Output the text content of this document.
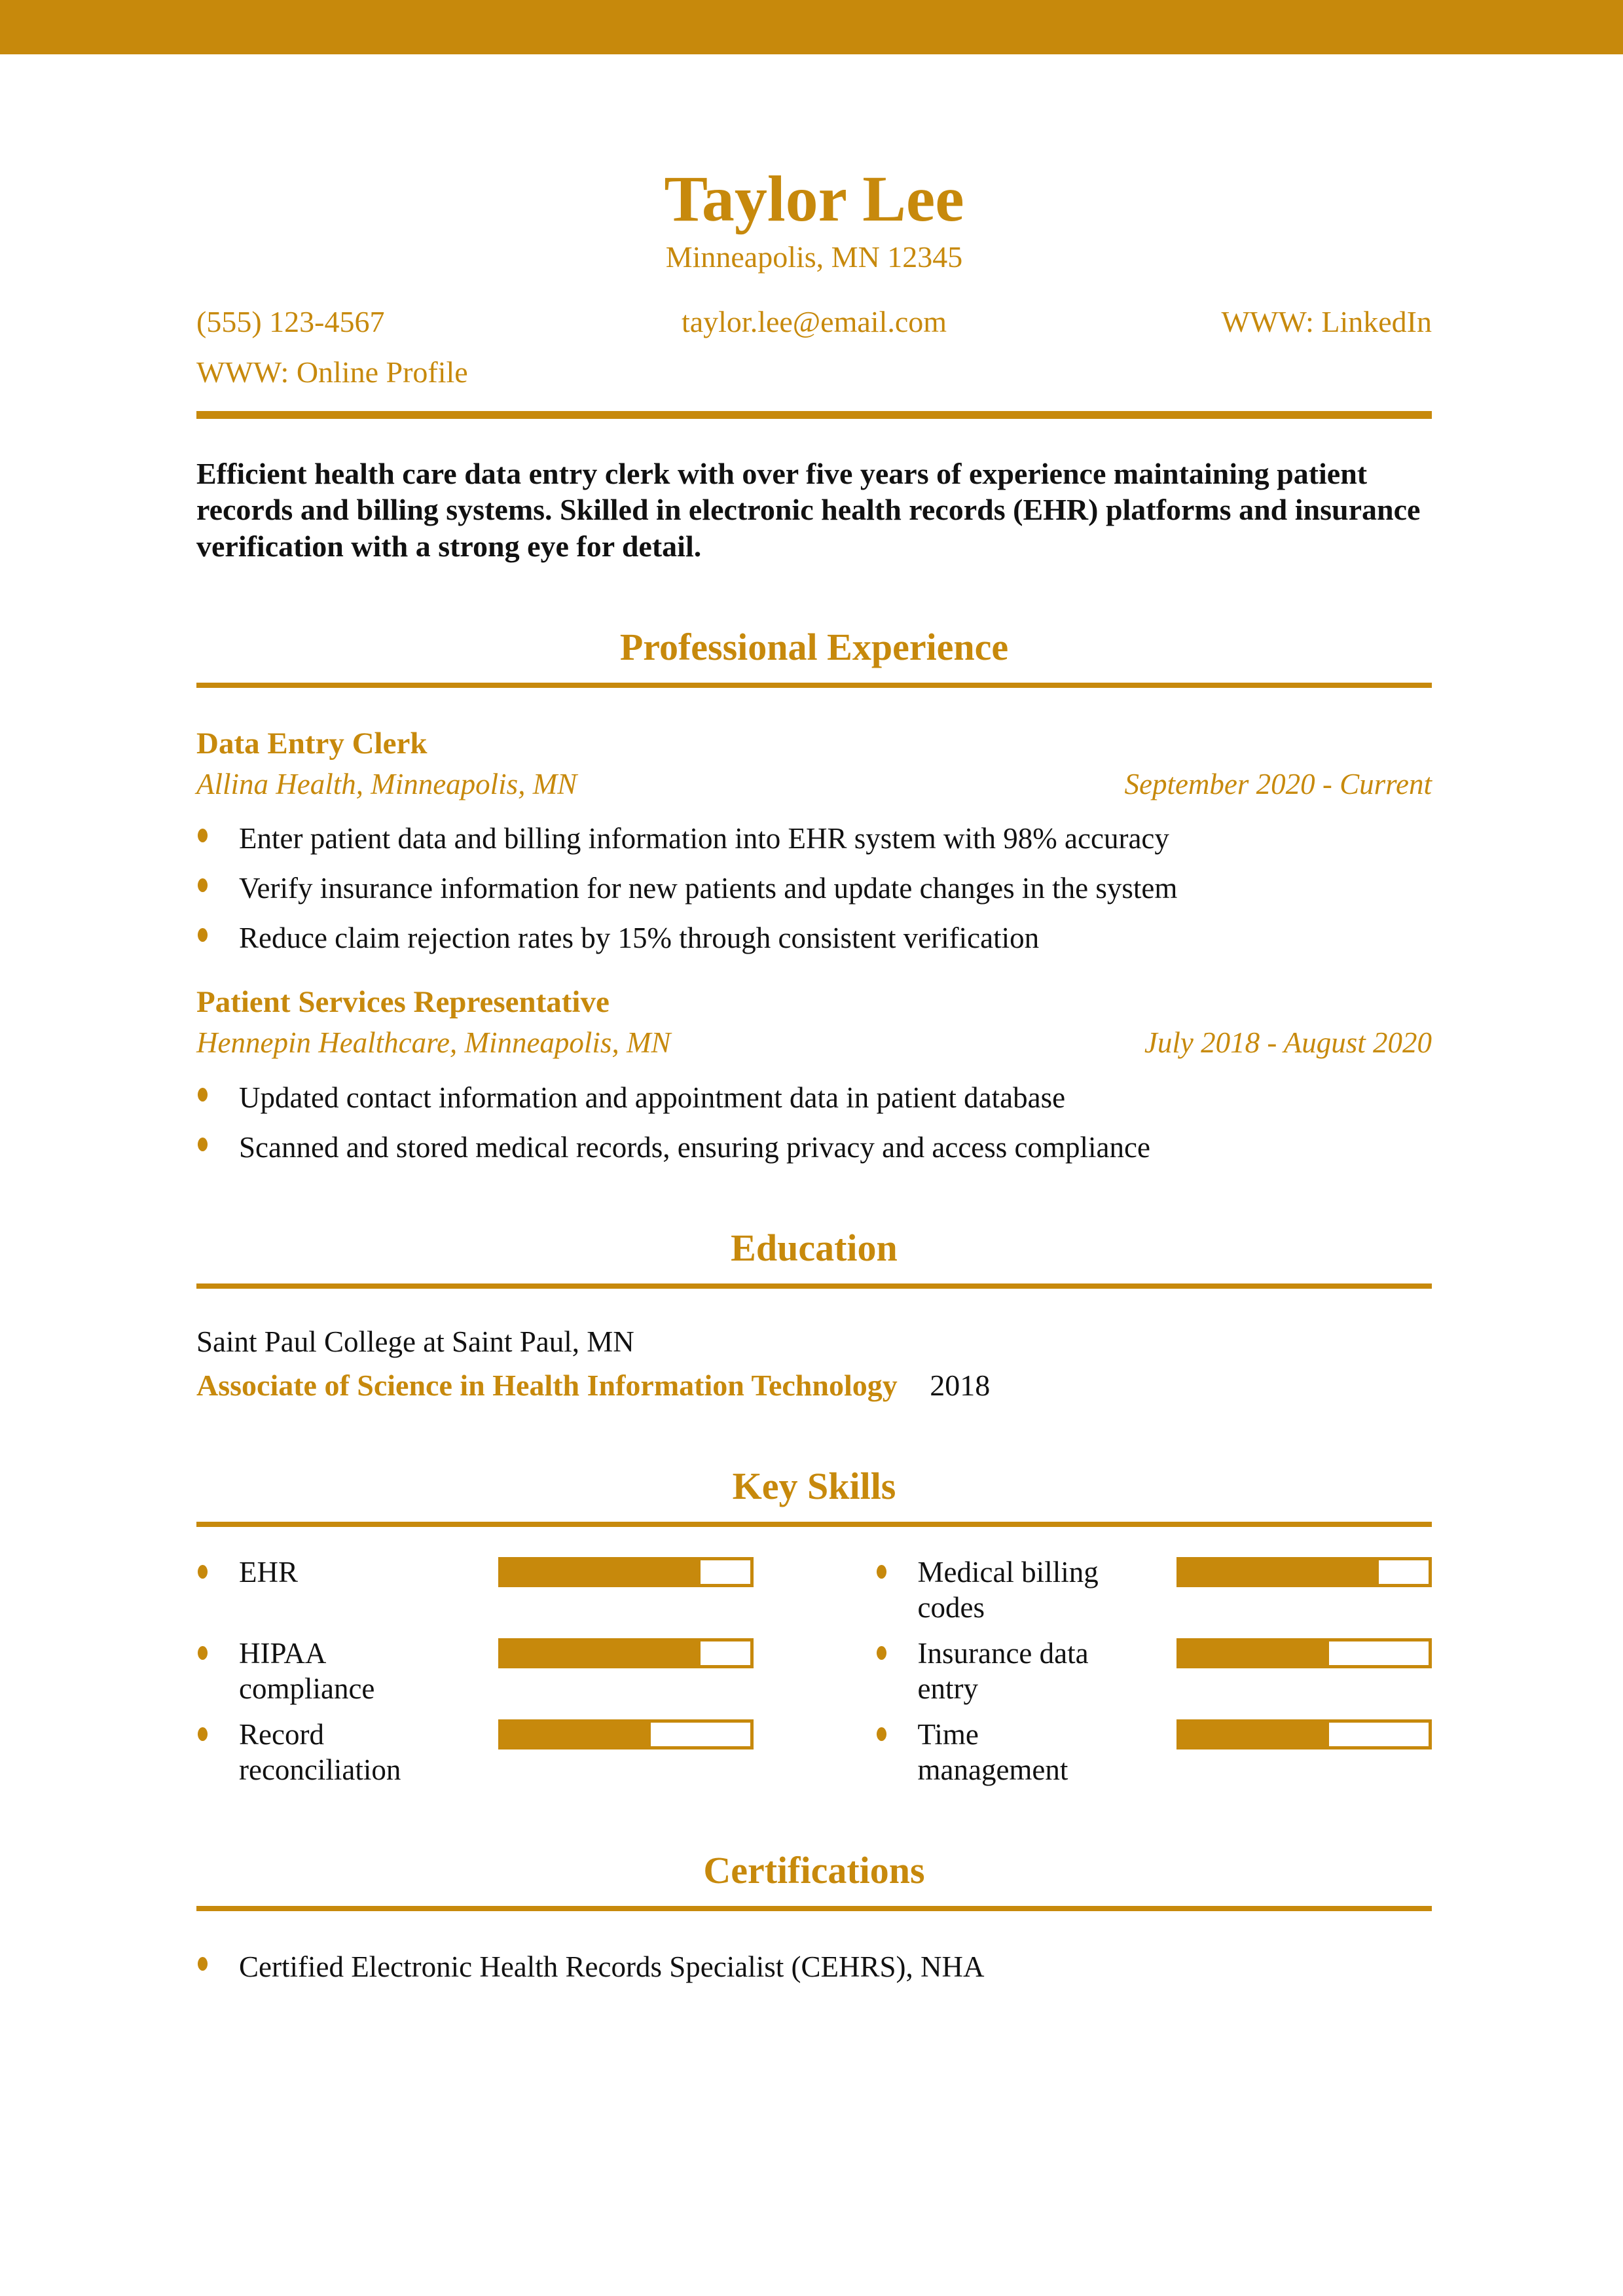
Taylor Lee
Minneapolis, MN 12345
(555) 123-4567	taylor.lee@email.com	WWW: LinkedIn
WWW: Online Profile

Efficient health care data entry clerk with over five years of experience maintaining patient records and billing systems. Skilled in electronic health records (EHR) platforms and insurance verification with a strong eye for detail.

Professional Experience
Data Entry Clerk
Allina Health, Minneapolis, MN	September 2020 - Current
Enter patient data and billing information into EHR system with 98% accuracy
Verify insurance information for new patients and update changes in the system
Reduce claim rejection rates by 15% through consistent verification
Patient Services Representative
Hennepin Healthcare, Minneapolis, MN	July 2018 - August 2020
Updated contact information and appointment data in patient database
Scanned and stored medical records, ensuring privacy and access compliance
Education
Saint Paul College at Saint Paul, MN
Associate of Science in Health Information Technology 2018
Key Skills
EHR
HIPAA compliance
Record reconciliation
Medical billing codes
Insurance data entry
Time management
Certifications
Certified Electronic Health Records Specialist (CEHRS), NHA
